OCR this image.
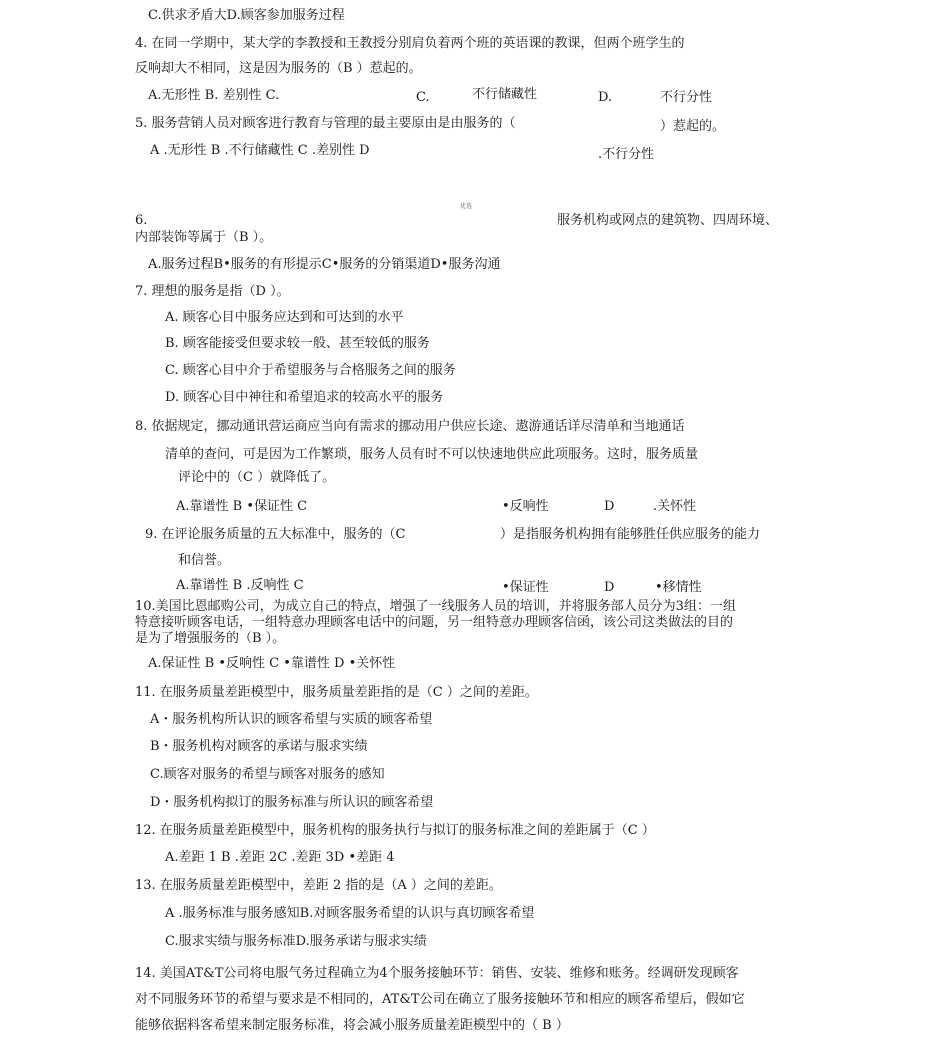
C.供求矛盾大D.顾客参加服务过程
4. 在同一学期中，某大学的李教授和王教授分别肩负着两个班的英语课的教课，但两个班学生的
反响却大不相同，这是因为服务的（B ）惹起的。
A.无形性 B. 差别性 C.	C.	不行储藏性	D.	不行分性
5. 服务营销人员对顾客进行教育与管理的最主要原由是由服务的（	）惹起的。
A .无形性 B .不行储藏性 C .差别性 D	.不行分性
优选
6.	服务机构或网点的建筑物、四周环境、
内部装饰等属于（B ）。
A.服务过程B•服务的有形提示C•服务的分销渠道D•服务沟通
7. 理想的服务是指（D ）。
A. 顾客心目中服务应达到和可达到的水平
B. 顾客能接受但要求较一般、甚至较低的服务
C. 顾客心目中介于希望服务与合格服务之间的服务
D. 顾客心目中神往和希望追求的较高水平的服务
8. 依据规定，挪动通讯营运商应当向有需求的挪动用户供应长途、遨游通话详尽清单和当地通话
清单的查问，可是因为工作繁琐，服务人员有时不可以快速地供应此项服务。这时，服务质量
评论中的（C ）就降低了。
A.靠谱性 B •保证性 C	•反响性	D	.关怀性
9. 在评论服务质量的五大标准中，服务的（C	）是指服务机构拥有能够胜任供应服务的能力
和信誉。
A.靠谱性 B .反响性 C	•保证性	D	•移情性
10.美国比恩邮购公司，为成立自己的特点，增强了一线服务人员的培训，并将服务部人员分为3组：一组
特意接听顾客电话，一组特意办理顾客电话中的问题，另一组特意办理顾客信函，该公司这类做法的目的
是为了增强服务的（B ）。
A.保证性 B •反响性 C •靠谱性 D •关怀性
11. 在服务质量差距模型中，服务质量差距指的是（C ）之间的差距。
A・服务机构所认识的顾客希望与实质的顾客希望
B・服务机构对顾客的承诺与服求实绩
C.顾客对服务的希望与顾客对服务的感知
D・服务机构拟订的服务标准与所认识的顾客希望
12. 在服务质量差距模型中，服务机构的服务执行与拟订的服务标准之间的差距属于（C ）
A.差距 1 B .差距 2C .差距 3D •差距 4
13. 在服务质量差距模型中，差距 2 指的是（A ）之间的差距。
A .服务标准与服务感知B.对顾客服务希望的认识与真切顾客希望
C.服求实绩与服务标准D.服务承诺与服求实绩
14. 美国AT&T公司将电服气务过程确立为4个服务接触环节：销售、安装、维修和账务。经调研发现顾客
对不同服务环节的希望与要求是不相同的，AT&T公司在确立了服务接触环节和相应的顾客希望后，假如它
能够依据料客希望来制定服务标准，将会减小服务质量差距模型中的（ B ）
